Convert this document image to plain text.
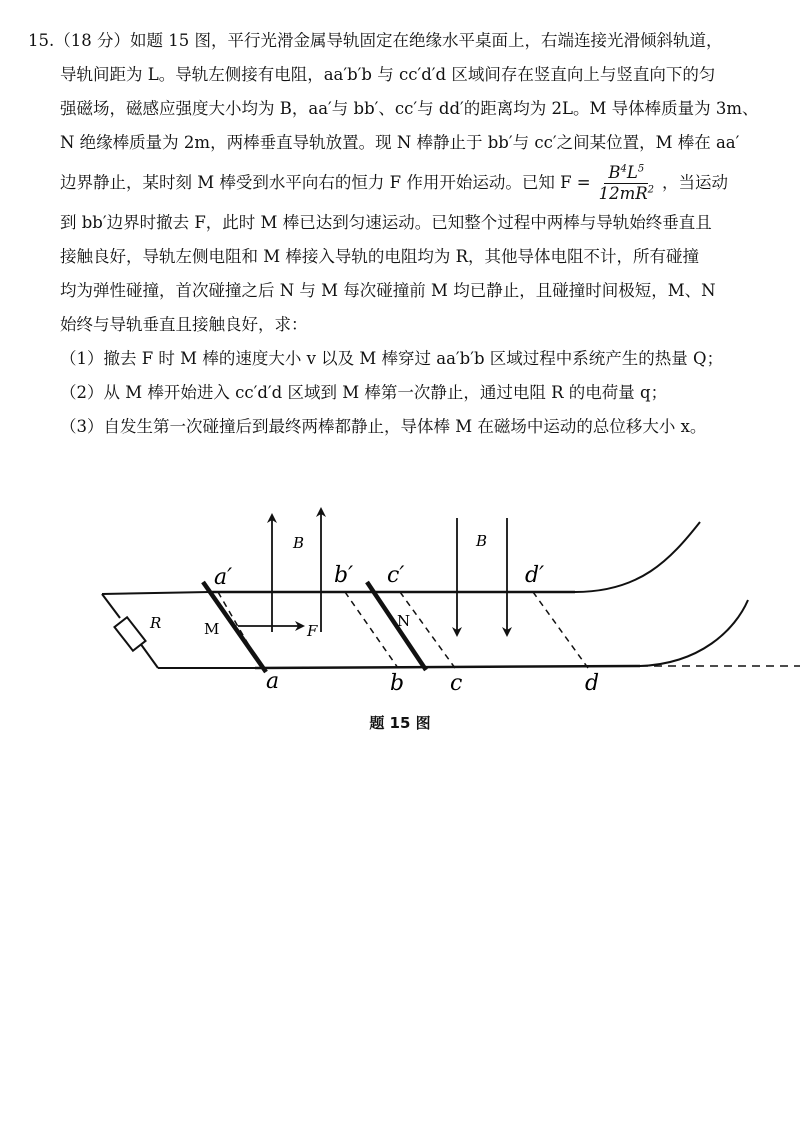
15.（18 分）如题 15 图，平行光滑金属导轨固定在绝缘水平桌面上，右端连接光滑倾斜轨道，
导轨间距为 L。导轨左侧接有电阻，aa′b′b 与 cc′d′d 区域间存在竖直向上与竖直向下的匀
强磁场，磁感应强度大小均为 B，aa′与 bb′、cc′与 dd′的距离均为 2L。M 导体棒质量为 3m、
N 绝缘棒质量为 2m，两棒垂直导轨放置。现 N 棒静止于 bb′与 cc′之间某位置，M 棒在 aa′
边界静止，某时刻 M 棒受到水平向右的恒力 F 作用开始运动。已知 $F = \frac{B^4L^5}{12mR^2}$ ，当运动
到 bb′边界时撤去 F，此时 M 棒已达到匀速运动。已知整个过程中两棒与导轨始终垂直且
接触良好，导轨左侧电阻和 M 棒接入导轨的电阻均为 R，其他导体电阻不计，所有碰撞
均为弹性碰撞，首次碰撞之后 N 与 M 每次碰撞前 M 均已静止，且碰撞时间极短，M、N
始终与导轨垂直且接触良好，求：
（1）撤去 F 时 M 棒的速度大小 v 以及 M 棒穿过 aa′b′b 区域过程中系统产生的热量 Q；
（2）从 M 棒开始进入 cc′d′d 区域到 M 棒第一次静止，通过电阻 R 的电荷量 q；
（3）自发生第一次碰撞后到最终两棒都静止，导体棒 M 在磁场中运动的总位移大小 x。
a′	b′ c′	d′
a	b c	d
B	B
R	M	N
F
题 15 图
